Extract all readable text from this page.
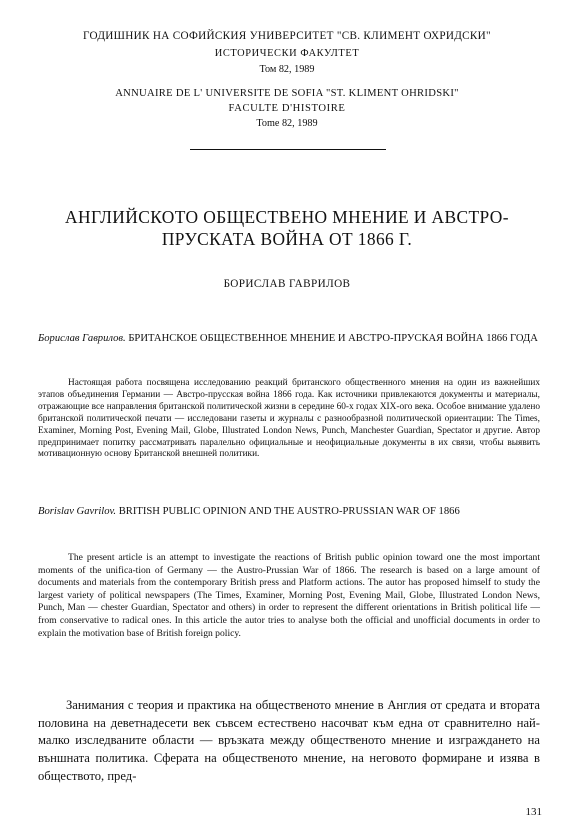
ГОДИШНИК НА СОФИЙСКИЯ УНИВЕРСИТЕТ "СВ. КЛИМЕНТ ОХРИДСКИ"
ИСТОРИЧЕСКИ ФАКУЛТЕТ
Том 82, 1989
ANNUAIRE DE L' UNIVERSITE DE SOFIA "ST. KLIMENT OHRIDSKI"
FACULTE D'HISTOIRE
Tome 82, 1989
АНГЛИЙСКОТО ОБЩЕСТВЕНО МНЕНИЕ И АВСТРО-ПРУСКАТА ВОЙНА ОТ 1866 Г.
БОРИСЛАВ ГАВРИЛОВ
Борислав Гаврилов. БРИТАНСКОЕ ОБЩЕСТВЕННОЕ МНЕНИЕ И АВСТРО-ПРУСКАЯ ВОЙНА 1866 ГОДА
Настоящая работа посвящена исследованию реакций британского общественного мнения на один из важнейших этапов объединения Германии — Австро-прусская война 1866 года. Как источники привлекаются документы и материалы, отражающие все направления британской политической жизни в середине 60-х годах XIX-ого века. Особое внимание удалено британской политической печати — исследовани газеты и журналы с разнообразной политической ориентации: The Times, Examiner, Morning Post, Evening Mail, Globe, Illustrated London News, Punch, Manchester Guardian, Spectator и другие. Автор предпринимает попитку рассматривать парaлельно официальные и неофициальные документы в их связи, чтобы выявить мотивационную основу Британской внешней политики.
Borislav Gavrilov. BRITISH PUBLIC OPINION AND THE AUSTRO-PRUSSIAN WAR OF 1866
The present article is an attempt to investigate the reactions of British public opinion toward one the most important moments of the unifica-tion of Germany — the Austro-Prussian War of 1866. The research is based on a large amount of documents and materials from the contemporary British press and Platform actions. The autor has proposed himself to study the largest variety of political newspapers (The Times, Examiner, Morning Post, Evening Mail, Globe, Illustrated London News, Punch, Man — chester Guardian, Spectator and others) in order to represent the different orientations in British political life — from conservative to radical ones. In this article the autor tries to analyse both the official and unofficial documents in order to explain the motivation base of British foreign policy.
Занимания с теория и практика на общественото мнение в Англия от средата и втората половина на деветнадесети век съвсем естествено насочват към една от сравнително най-малко изследваните области — връзката между общественото мнение и изграждането на външната политика. Сферата на общественото мнение, на неговото формиране и изява в обществото, пред-
131
